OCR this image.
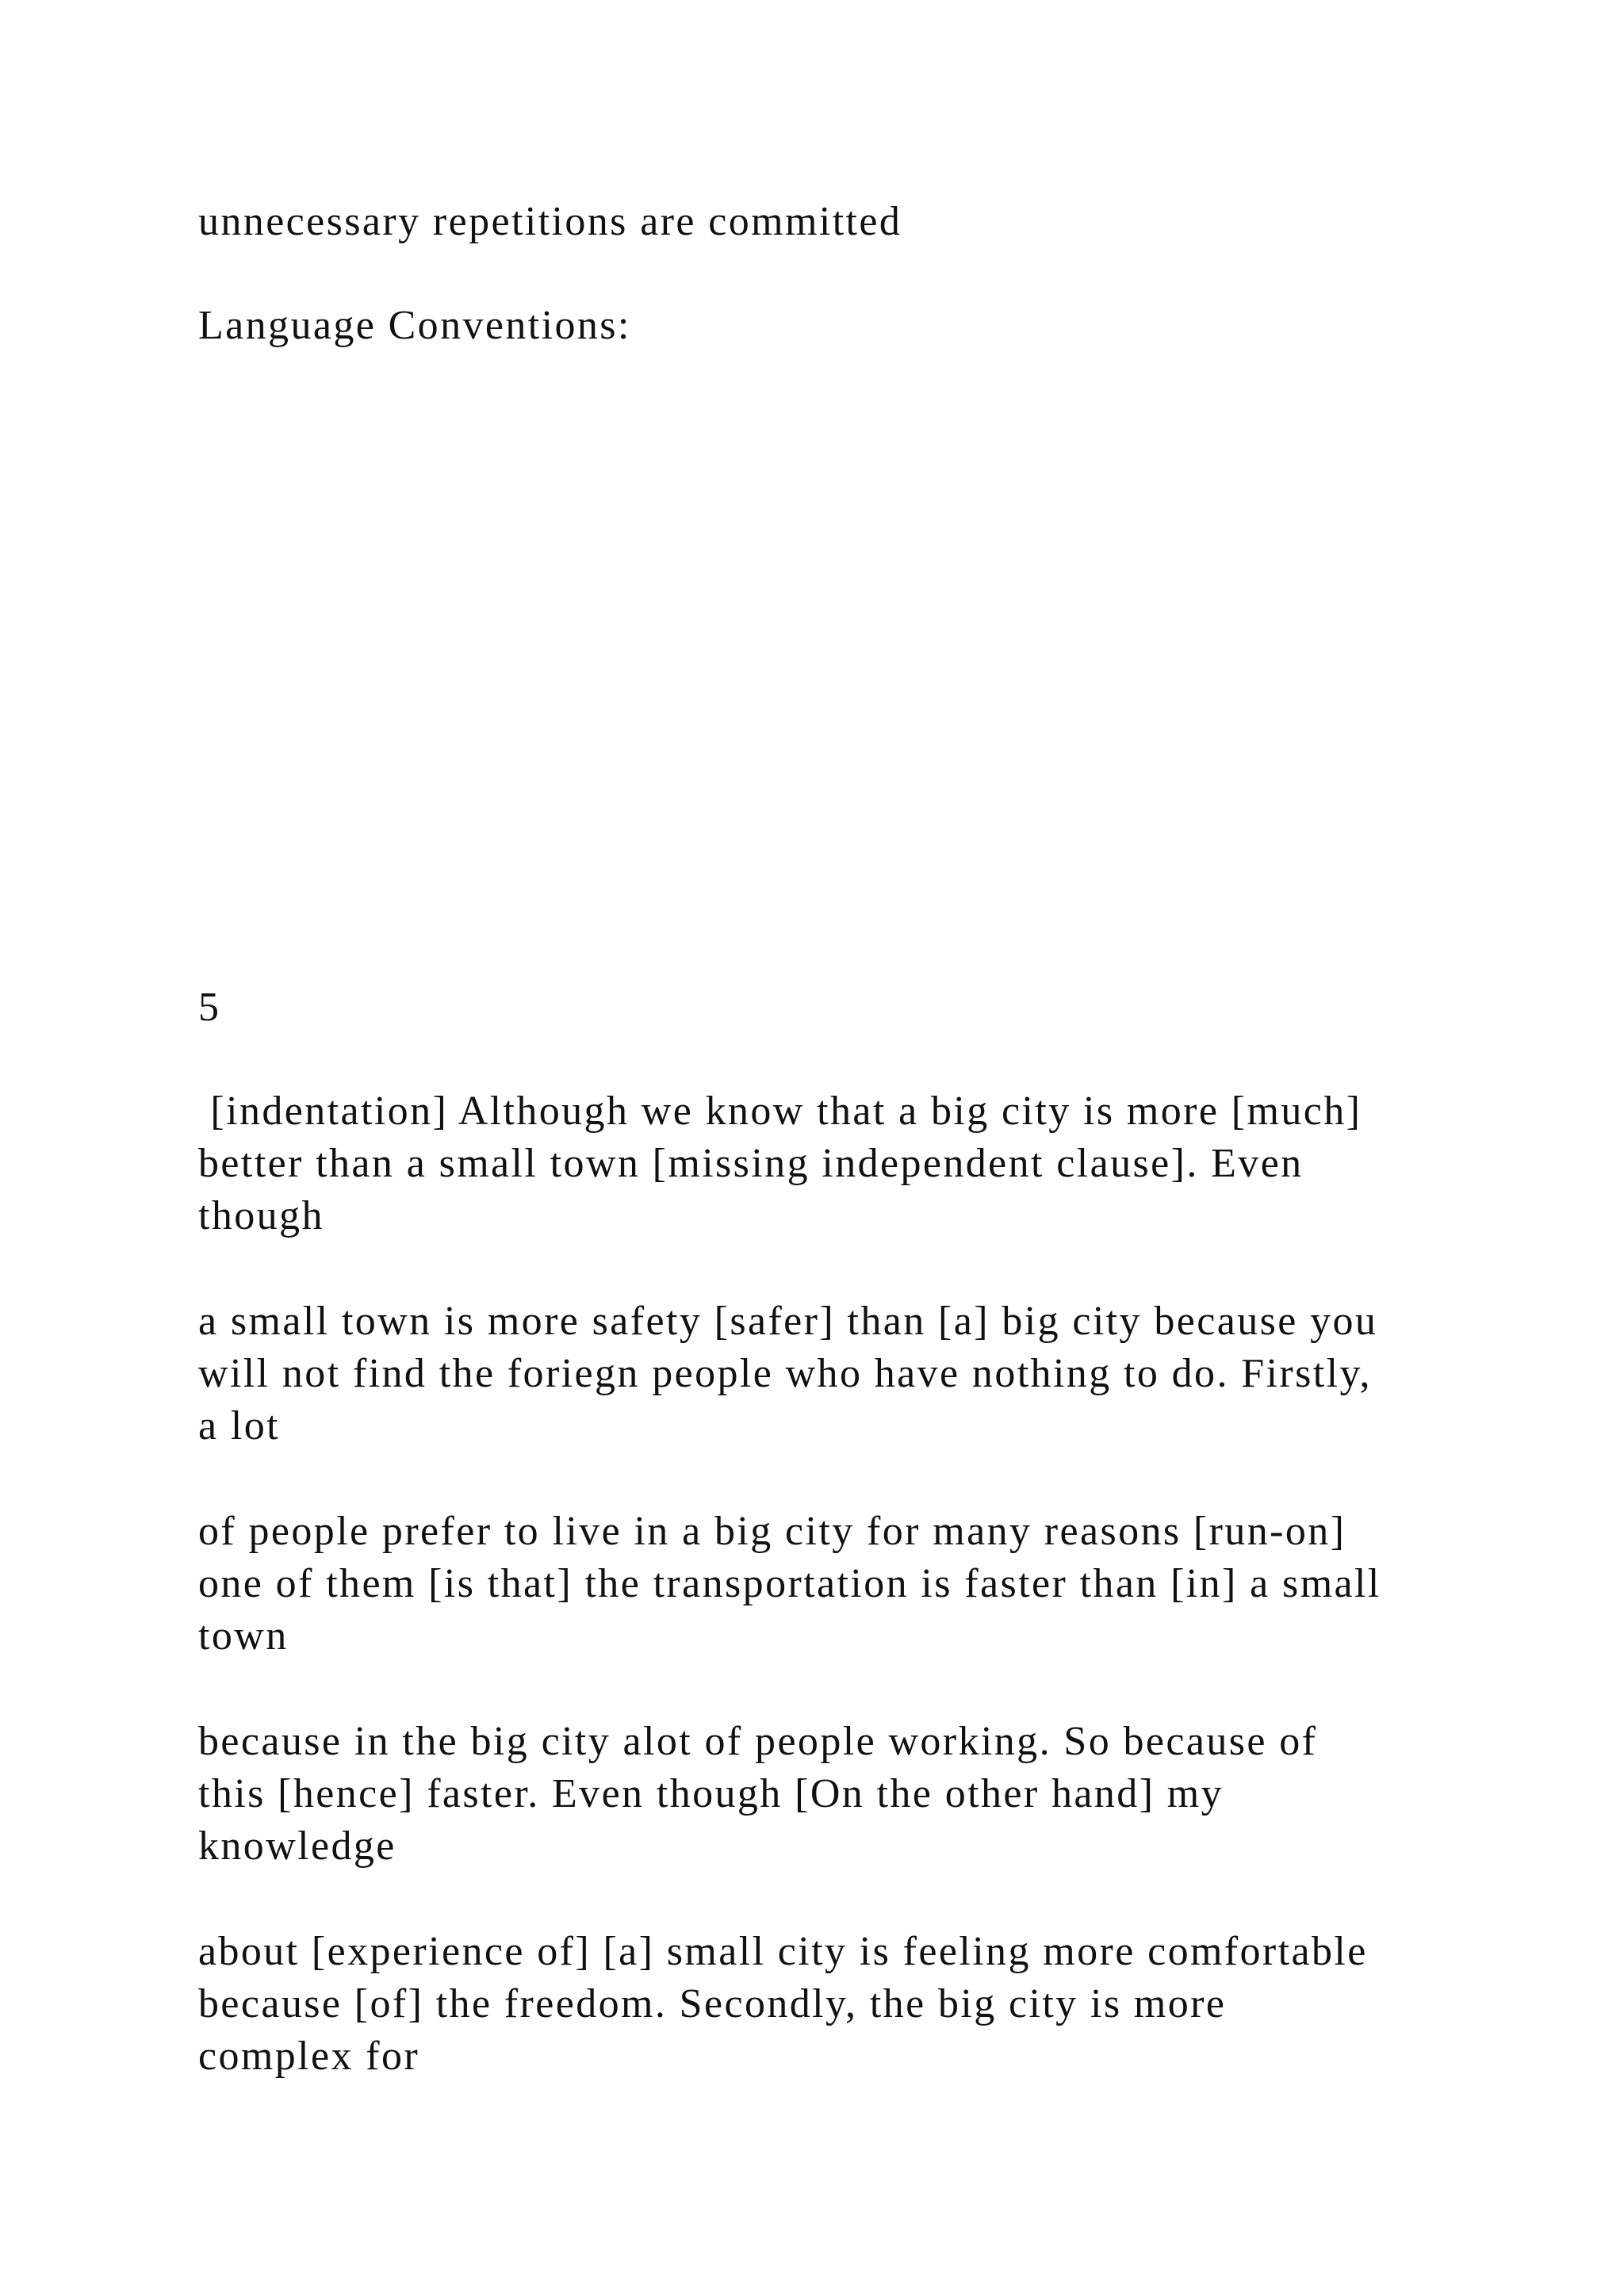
unnecessary repetitions are committed

Language Conventions:

5

[indentation] Although we know that a big city is more [much]

better than a small town [missing independent clause]. Even

though

a small town is more safety [safer] than [a] big city because you

will not find the foriegn people who have nothing to do. Firstly,

a lot

of people prefer to live in a big city for many reasons [run-on]

one of them [is that] the transportation is faster than [in] a small

town

because in the big city alot of people working. So because of

this [hence] faster. Even though [On the other hand] my

knowledge

about [experience of] [a] small city is feeling more comfortable

because [of] the freedom. Secondly, the big city is more

complex for
